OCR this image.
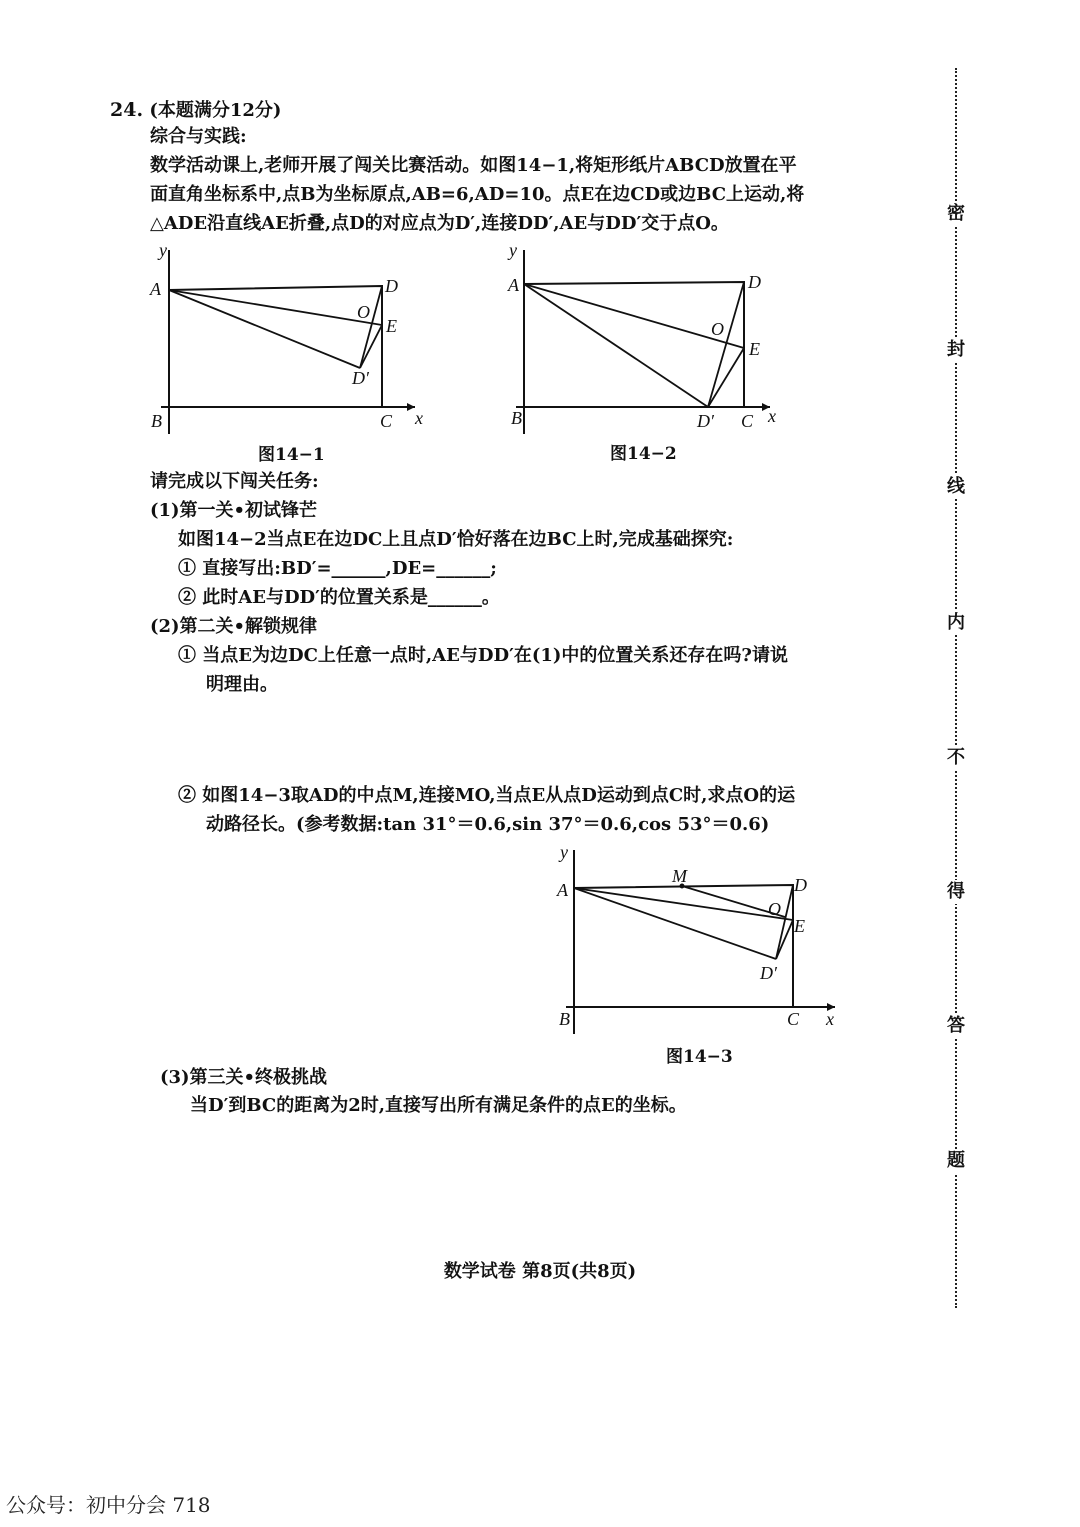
24. (本题满分12分)
综合与实践:
数学活动课上,老师开展了闯关比赛活动。如图14−1,将矩形纸片ABCD放置在平
面直角坐标系中,点B为坐标原点,AB=6,AD=10。点E在边CD或边BC上运动,将
△ADE沿直线AE折叠,点D的对应点为D′,连接DD′,AE与DD′交于点O。
y
A
B	C x
D
O
E
D′
图14−1
y
A
B	D′ C x
D
O
E
图14−2
请完成以下闯关任务:
(1)第一关•初试锋芒
如图14−2当点E在边DC上且点D′恰好落在边BC上时,完成基础探究:
① 直接写出:BD′=______,DE=______;
② 此时AE与DD′的位置关系是______。
(2)第二关•解锁规律
① 当点E为边DC上任意一点时,AE与DD′在(1)中的位置关系还存在吗?请说
明理由。
② 如图14−3取AD的中点M,连接MO,当点E从点D运动到点C时,求点O的运
动路径长。(参考数据:tan 31°＝0.6,sin 37°＝0.6,cos 53°＝0.6)
y
A
M	D
O
E
D′
B	C x
图14−3
(3)第三关•终极挑战
当D′到BC的距离为2时,直接写出所有满足条件的点E的坐标。
密
封
线
内
不
得
答
题
数学试卷 第8页(共8页)
公众号：初中分会 718
